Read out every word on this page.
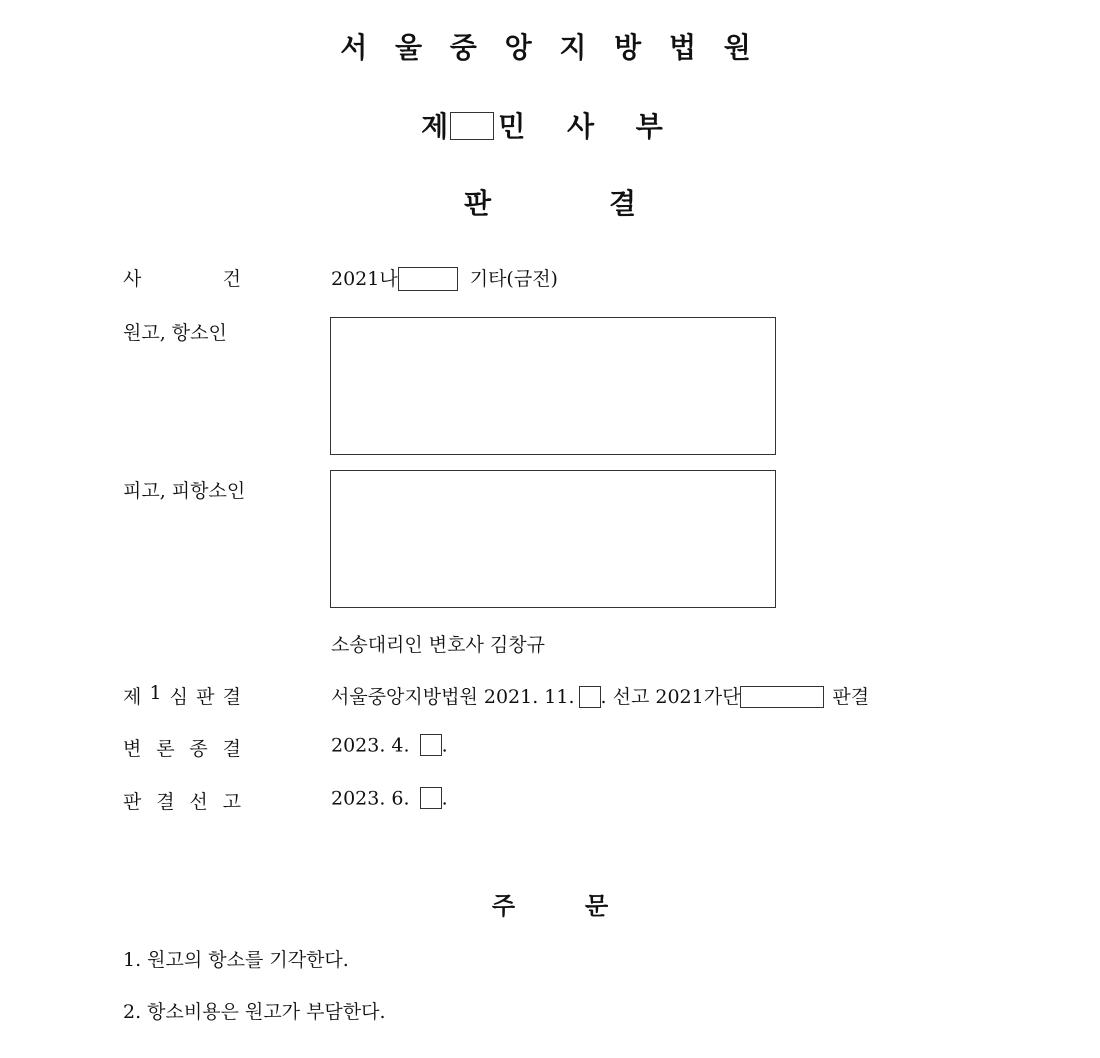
서 울 중 앙 지 방 법 원
제 민 사 부
판	결
사	건	2021나	기타(금전)
원고, 항소인
피고, 피항소인
소송대리인 변호사 김창규
제 1 심 판 결	서울중앙지방법원 2021. 11. . 선고 2021가단	판결
변 론 종 결	2023. 4. .
판 결 선 고	2023. 6. .
주	문
1. 원고의 항소를 기각한다.
2. 항소비용은 원고가 부담한다.
